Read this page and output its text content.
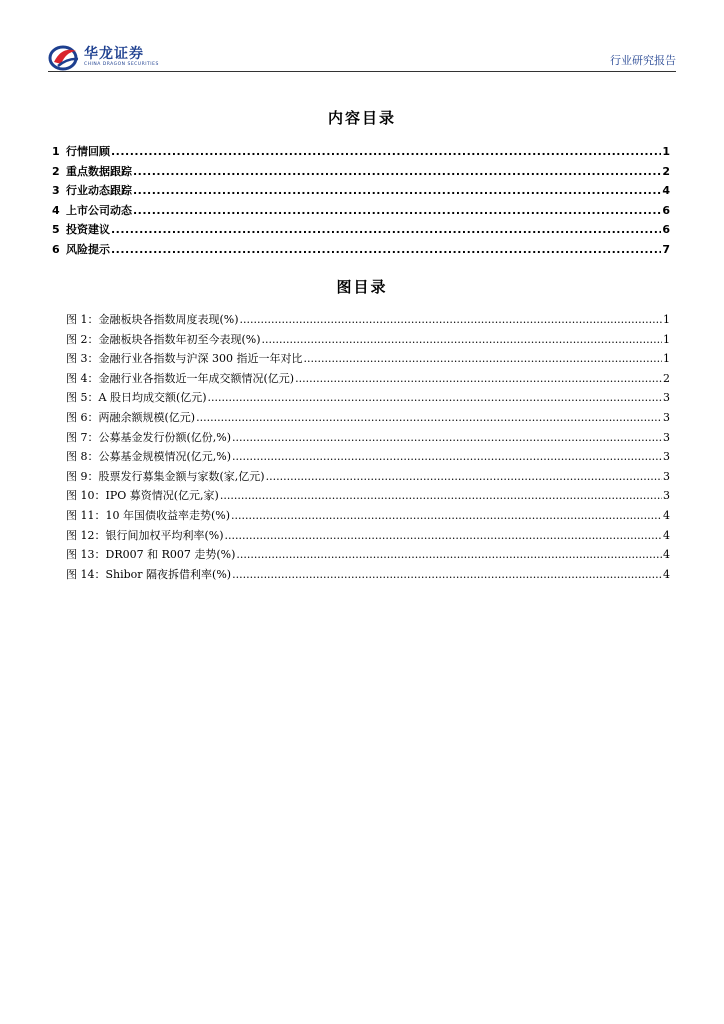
华龙证券
CHINA DRAGON SECURITIES	行业研究报告
内容目录
1 行情回顾 .....	1
2 重点数据跟踪 .....	2
3 行业动态跟踪 .....	4
4 上市公司动态 .....	6
5 投资建议 .....	6
6 风险提示 .....	7
图目录
图 1： 金融板块各指数周度表现(%) .....	1
图 2： 金融板块各指数年初至今表现(%) .....	1
图 3： 金融行业各指数与沪深 300 指近一年对比 .....	1
图 4： 金融行业各指数近一年成交额情况(亿元) .....	2
图 5： A 股日均成交额(亿元) .....	3
图 6： 两融余额规模(亿元) .....	3
图 7： 公募基金发行份额(亿份,%) .....	3
图 8： 公募基金规模情况(亿元,%) .....	3
图 9： 股票发行募集金额与家数(家,亿元) .....	3
图 10： IPO 募资情况(亿元,家) .....	3
图 11： 10 年国债收益率走势(%) .....	4
图 12： 银行间加权平均利率(%) .....	4
图 13： DR007 和 R007 走势(%) .....	4
图 14： Shibor 隔夜拆借利率(%) .....	4
